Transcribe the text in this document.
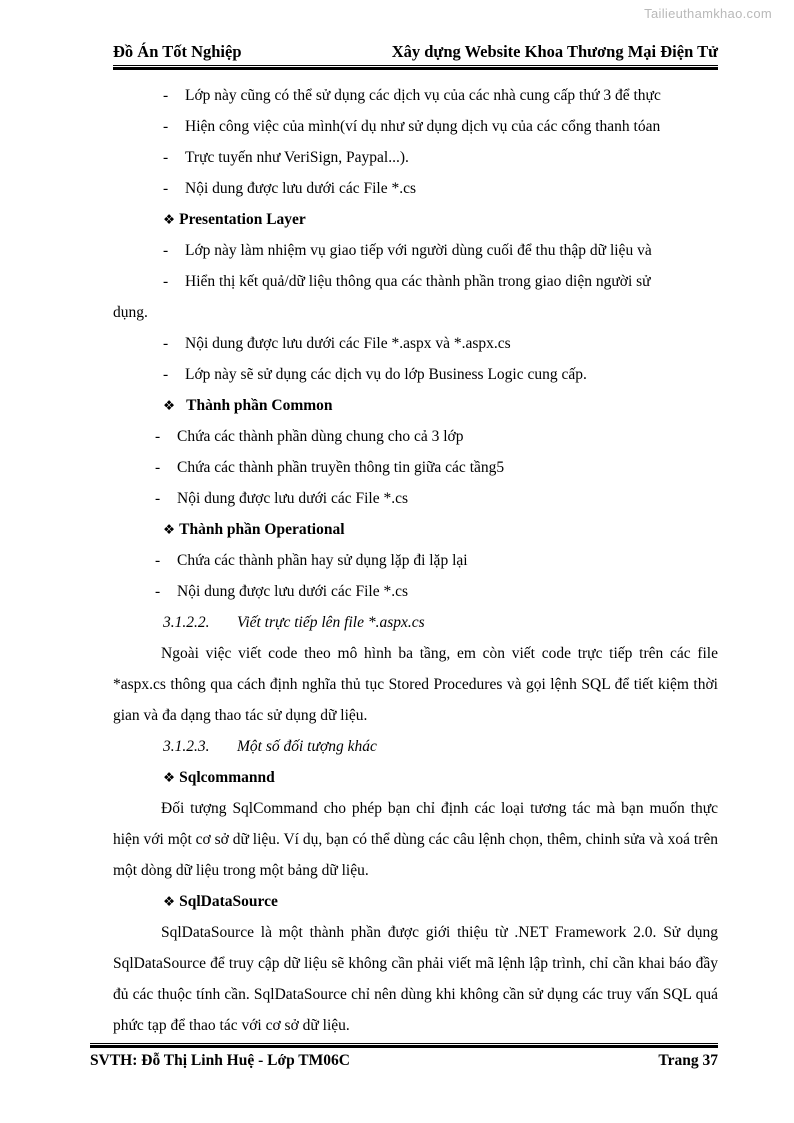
Tailieuthamkhao.com
Đồ Án Tốt Nghiệp	Xây dựng Website Khoa Thương Mại Điện Tử
-	Lớp này cũng có thể sử dụng các dịch vụ của các nhà cung cấp thứ 3 để thực
-	Hiện công việc của mình(ví dụ như sử dụng dịch vụ của các cổng thanh tóan
-	Trực tuyến như VeriSign, Paypal...).
-	Nội dung được lưu dưới các File *.cs
❖ Presentation Layer
-	Lớp này làm nhiệm vụ giao tiếp với người dùng cuối để thu thập dữ liệu và
-	Hiển thị kết quả/dữ liệu thông qua các thành phần trong giao diện người sử
dụng.
-	Nội dung được lưu dưới các File *.aspx và *.aspx.cs
-	Lớp này sẽ sử dụng các dịch vụ do lớp Business Logic cung cấp.
❖ Thành phần Common
-	Chứa các thành phần dùng chung cho cả 3 lớp
-	Chứa các thành phần truyền thông tin giữa các tầng5
-	Nội dung được lưu dưới các File *.cs
❖ Thành phần Operational
-	Chứa các thành phần hay sử dụng lặp đi lặp lại
-	Nội dung được lưu dưới các File *.cs
3.1.2.2.	Viết trực tiếp lên file *.aspx.cs

Ngoài việc viết code theo mô hình ba tầng, em còn viết code trực tiếp trên các file *aspx.cs thông qua cách định nghĩa thủ tục Stored Procedures và gọi lệnh SQL để tiết kiệm thời gian và đa dạng thao tác sử dụng dữ liệu.

3.1.2.3.	Một số đối tượng khác
❖ Sqlcommannd

Đối tượng SqlCommand cho phép bạn chỉ định các loại tương tác mà bạn muốn thực hiện với một cơ sở dữ liệu. Ví dụ, bạn có thể dùng các câu lệnh chọn, thêm, chinh sửa và xoá trên một dòng dữ liệu trong một bảng dữ liệu.

❖ SqlDataSource

SqlDataSource là một thành phần được giới thiệu từ .NET Framework 2.0. Sử dụng SqlDataSource để truy cập dữ liệu sẽ không cần phải viết mã lệnh lập trình, chỉ cần khai báo đầy đủ các thuộc tính cần. SqlDataSource chỉ nên dùng khi không cần sử dụng các truy vấn SQL quá phức tạp để thao tác với cơ sở dữ liệu.

SVTH: Đỗ Thị Linh Huệ - Lớp TM06C	Trang 37
